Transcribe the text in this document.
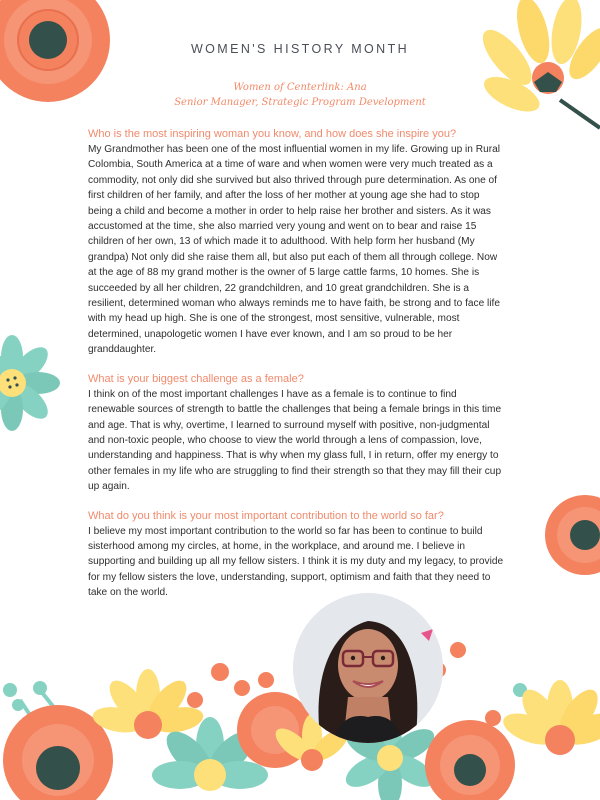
WOMEN'S HISTORY MONTH
Women of Centerlink: Ana
Senior Manager, Strategic Program Development

Who is the most inspiring woman you know, and how does she inspire you?

My Grandmother has been one of the most influential women in my life. Growing up in Rural Colombia, South America at a time of ware and when women were very much treated as a commodity, not only did she survived but also thrived through pure determination. As one of first children of her family, and after the loss of her mother at young age she had to stop being a child and become a mother in order to help raise her brother and sisters. As it was accustomed at the time, she also married very young and went on to bear and raise 15 children of her own, 13 of which made it to adulthood. With help form her husband (My grandpa) Not only did she raise them all, but also put each of them all through college. Now at the age of 88 my grand mother is the owner of 5 large cattle farms, 10 homes. She is succeeded by all her children, 22 grandchildren, and 10 great grandchildren. She is a resilient, determined woman who always reminds me to have faith, be strong and to face life with my head up high. She is one of the strongest, most sensitive, vulnerable, most determined, unapologetic women I have ever known, and I am so proud to be her granddaughter.

What is your biggest challenge as a female?

I think on of the most important challenges I have as a female is to continue to find renewable sources of strength to battle the challenges that being a female brings in this time and age. That is why, overtime, I learned to surround myself with positive, non-judgmental and non-toxic people, who choose to view the world through a lens of compassion, love, understanding and happiness. That is why when my glass full, I in return, offer my energy to other females in my life who are struggling to find their strength so that they may fill their cup up again.

What do you think is your most important contribution to the world so far?

I believe my most important contribution to the world so far has been to continue to build sisterhood among my circles, at home, in the workplace, and around me. I believe in supporting and building up all my fellow sisters. I think it is my duty and my legacy, to provide for my fellow sisters the love, understanding, support, optimism and faith that they need to take on the world.
